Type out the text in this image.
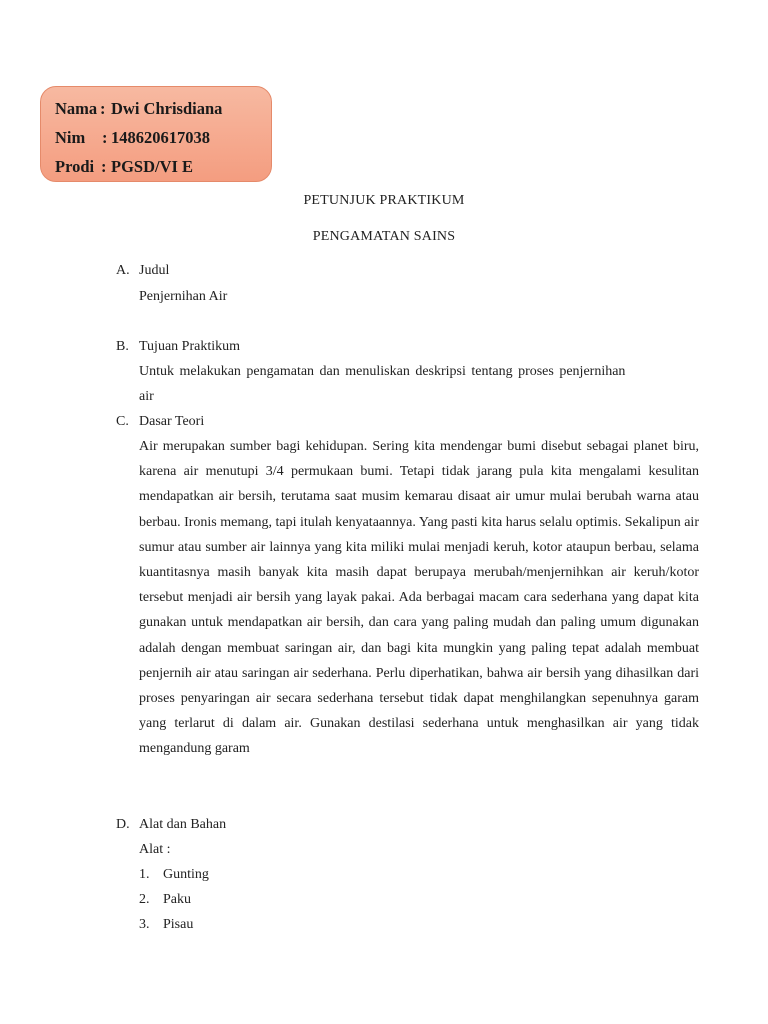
Nama : Dwi Chrisdiana
Nim : 148620617038
Prodi : PGSD/VI E
PETUNJUK PRAKTIKUM
PENGAMATAN SAINS
A. Judul
Penjernihan Air
B. Tujuan Praktikum
Untuk melakukan pengamatan dan menuliskan deskripsi tentang proses penjernihan
air
C. Dasar Teori
Air merupakan sumber bagi kehidupan. Sering kita mendengar bumi disebut sebagai planet biru, karena air menutupi 3/4 permukaan bumi. Tetapi tidak jarang pula kita mengalami kesulitan mendapatkan air bersih, terutama saat musim kemarau disaat air umur mulai berubah warna atau berbau. Ironis memang, tapi itulah kenyataannya. Yang pasti kita harus selalu optimis. Sekalipun air sumur atau sumber air lainnya yang kita miliki mulai menjadi keruh, kotor ataupun berbau, selama kuantitasnya masih banyak kita masih dapat berupaya merubah/menjernihkan air keruh/kotor tersebut menjadi air bersih yang layak pakai. Ada berbagai macam cara sederhana yang dapat kita gunakan untuk mendapatkan air bersih, dan cara yang paling mudah dan paling umum digunakan adalah dengan membuat saringan air, dan bagi kita mungkin yang paling tepat adalah membuat penjernih air atau saringan air sederhana. Perlu diperhatikan, bahwa air bersih yang dihasilkan dari proses penyaringan air secara sederhana tersebut tidak dapat menghilangkan sepenuhnya garam yang terlarut di dalam air. Gunakan destilasi sederhana untuk menghasilkan air yang tidak mengandung garam
D. Alat dan Bahan
Alat :
1. Gunting
2. Paku
3. Pisau
